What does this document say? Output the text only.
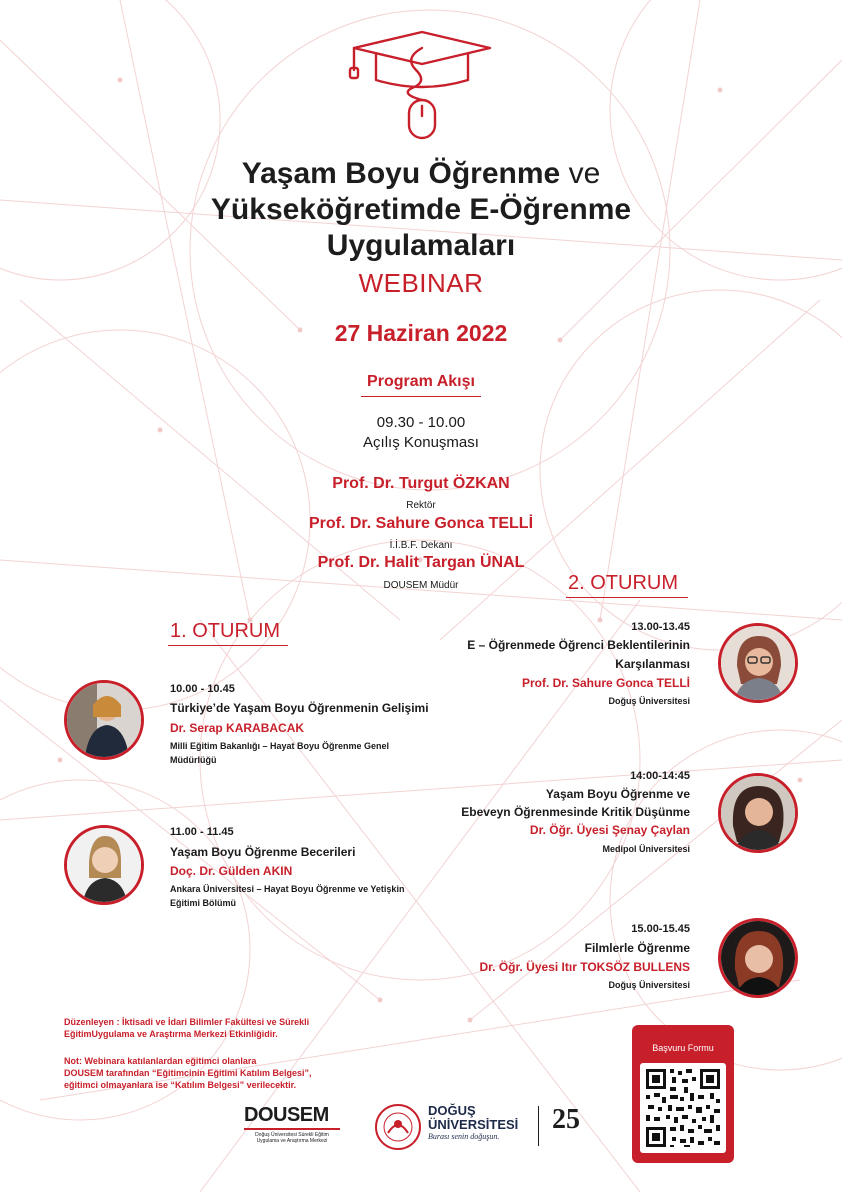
Yaşam Boyu Öğrenme ve
Yükseköğretimde E-Öğrenme
Uygulamaları
WEBINAR
27 Haziran 2022
Program Akışı
09.30 - 10.00
Açılış Konuşması
Prof. Dr. Turgut ÖZKAN
Rektör
Prof. Dr. Sahure Gonca TELLİ
İ.İ.B.F. Dekanı
Prof. Dr. Halit Targan ÜNAL
DOUSEM Müdür	2. OTURUM
1. OTURUM
10.00 - 10.45
Türkiye’de Yaşam Boyu Öğrenmenin Gelişimi
Dr. Serap KARABACAK
Milli Eğitim Bakanlığı – Hayat Boyu Öğrenme Genel
Müdürlüğü
11.00 - 11.45
Yaşam Boyu Öğrenme Becerileri
Doç. Dr. Gülden AKIN
Ankara Üniversitesi – Hayat Boyu Öğrenme ve Yetişkin
Eğitimi Bölümü
13.00-13.45
E – Öğrenmede Öğrenci Beklentilerinin
Karşılanması
Prof. Dr. Sahure Gonca TELLİ
Doğuş Üniversitesi
14:00-14:45
Yaşam Boyu Öğrenme ve
Ebeveyn Öğrenmesinde Kritik Düşünme
Dr. Öğr. Üyesi Şenay Çaylan
Medipol Üniversitesi
15.00-15.45
Filmlerle Öğrenme
Dr. Öğr. Üyesi Itır TOKSÖZ BULLENS
Doğuş Üniversitesi
Düzenleyen : İktisadi ve İdari Bilimler Fakültesi ve Sürekli
EğitimUygulama ve Araştırma Merkezi Etkinliğidir.
Not: Webinara katılanlardan eğitimci olanlara
DOUSEM tarafından “Eğitimcinin Eğitimi Katılım Belgesi”,
eğitimci olmayanlara ise “Katılım Belgesi” verilecektir.
DOUSEM
Doğuş Üniversitesi Sürekli Eğitim
Uygulama ve Araştırma Merkezi
DOĞUŞ
ÜNİVERSİTESİ
Burası senin doğuşun.
25
Başvuru Formu
